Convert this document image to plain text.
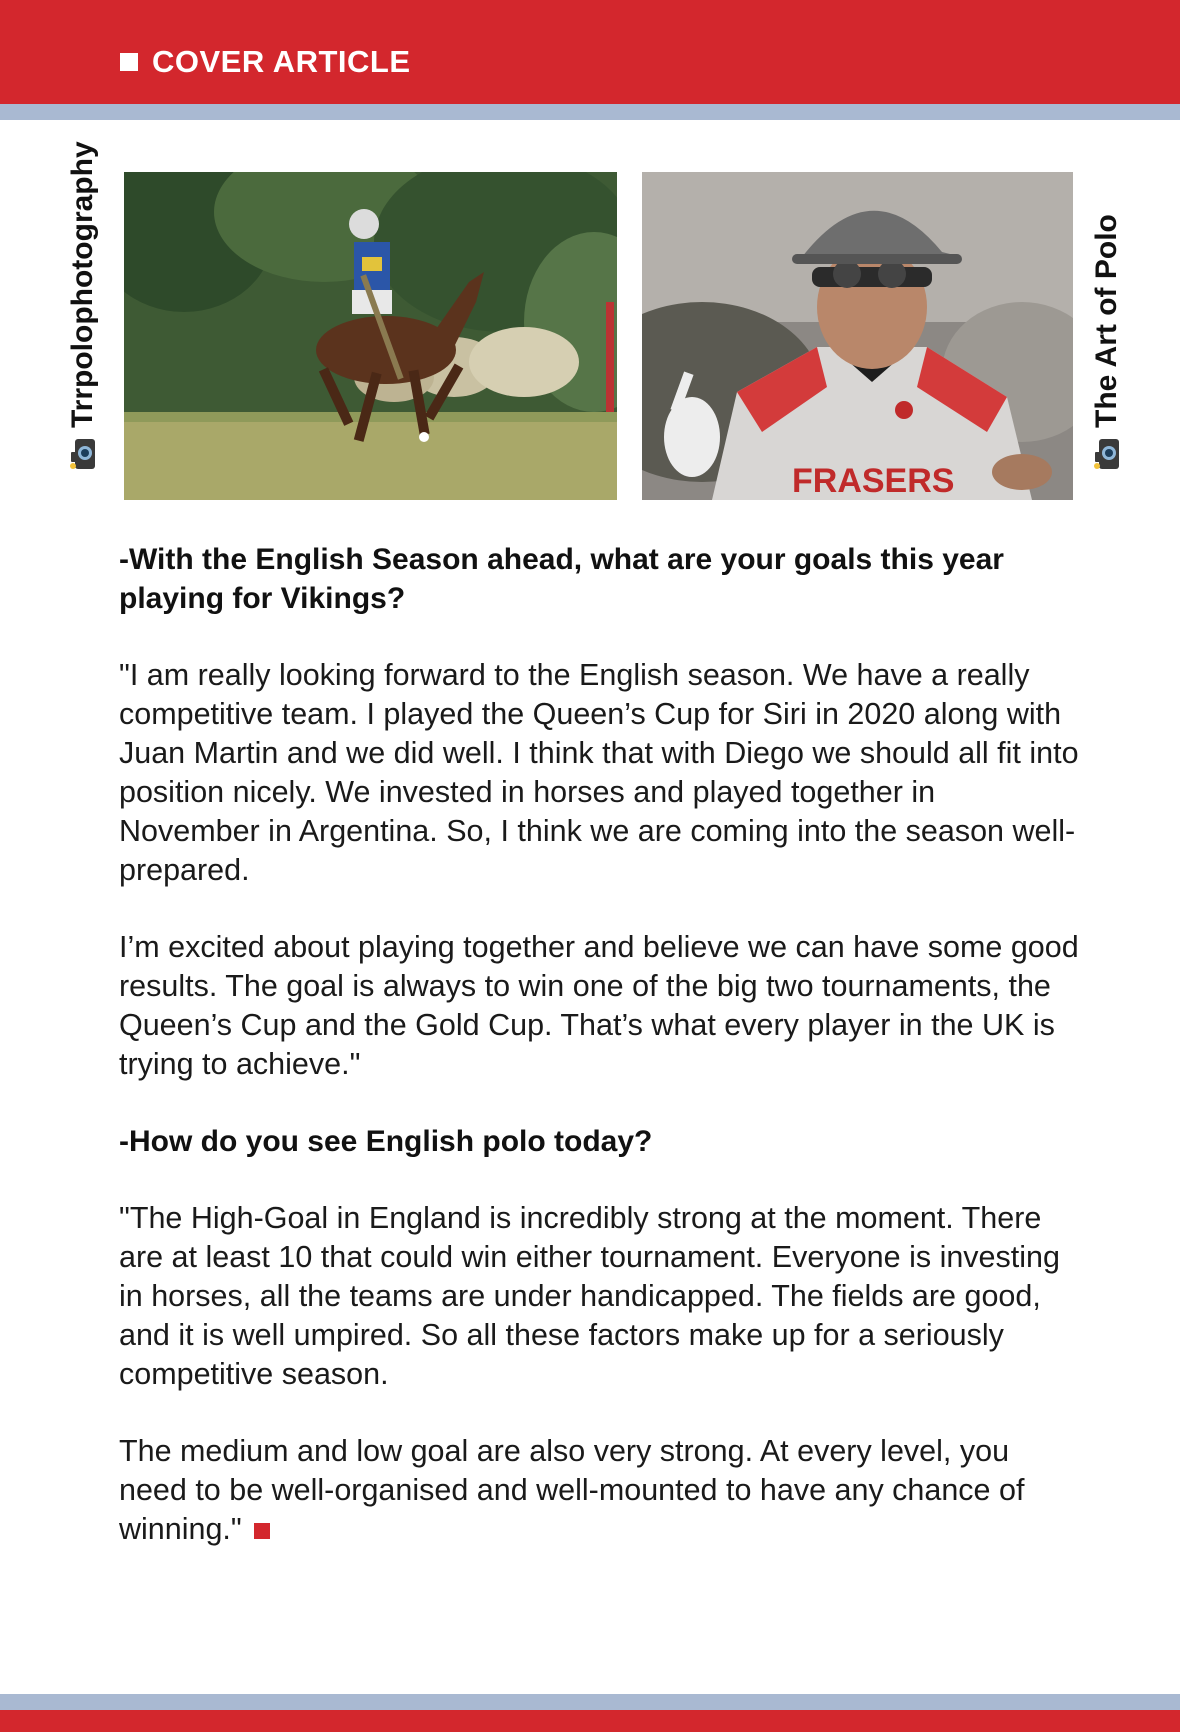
COVER ARTICLE
FRASERS
Trrpolophotography	The Art of Polo

-With the English Season ahead, what are your goals this year playing for Vikings?

"I am really looking forward to the English season. We have a really competitive team. I played the Queen’s Cup for Siri in 2020 along with Juan Martin and we did well. I think that with Diego we should all fit into position nicely. We invested in horses and played together in November in Argentina. So, I think we are coming into the season well-prepared.

I’m excited about playing together and believe we can have some good results. The goal is always to win one of the big two tournaments, the Queen’s Cup and the Gold Cup. That’s what every player in the UK is trying to achieve."

-How do you see English polo today?

"The High-Goal in England is incredibly strong at the moment. There are at least 10 that could win either tournament. Everyone is investing in horses, all the teams are under handicapped. The fields are good, and it is well umpired. So all these factors make up for a seriously competitive season.

The medium and low goal are also very strong. At every level, you need to be well-organised and well-mounted to have any chance of winning."
